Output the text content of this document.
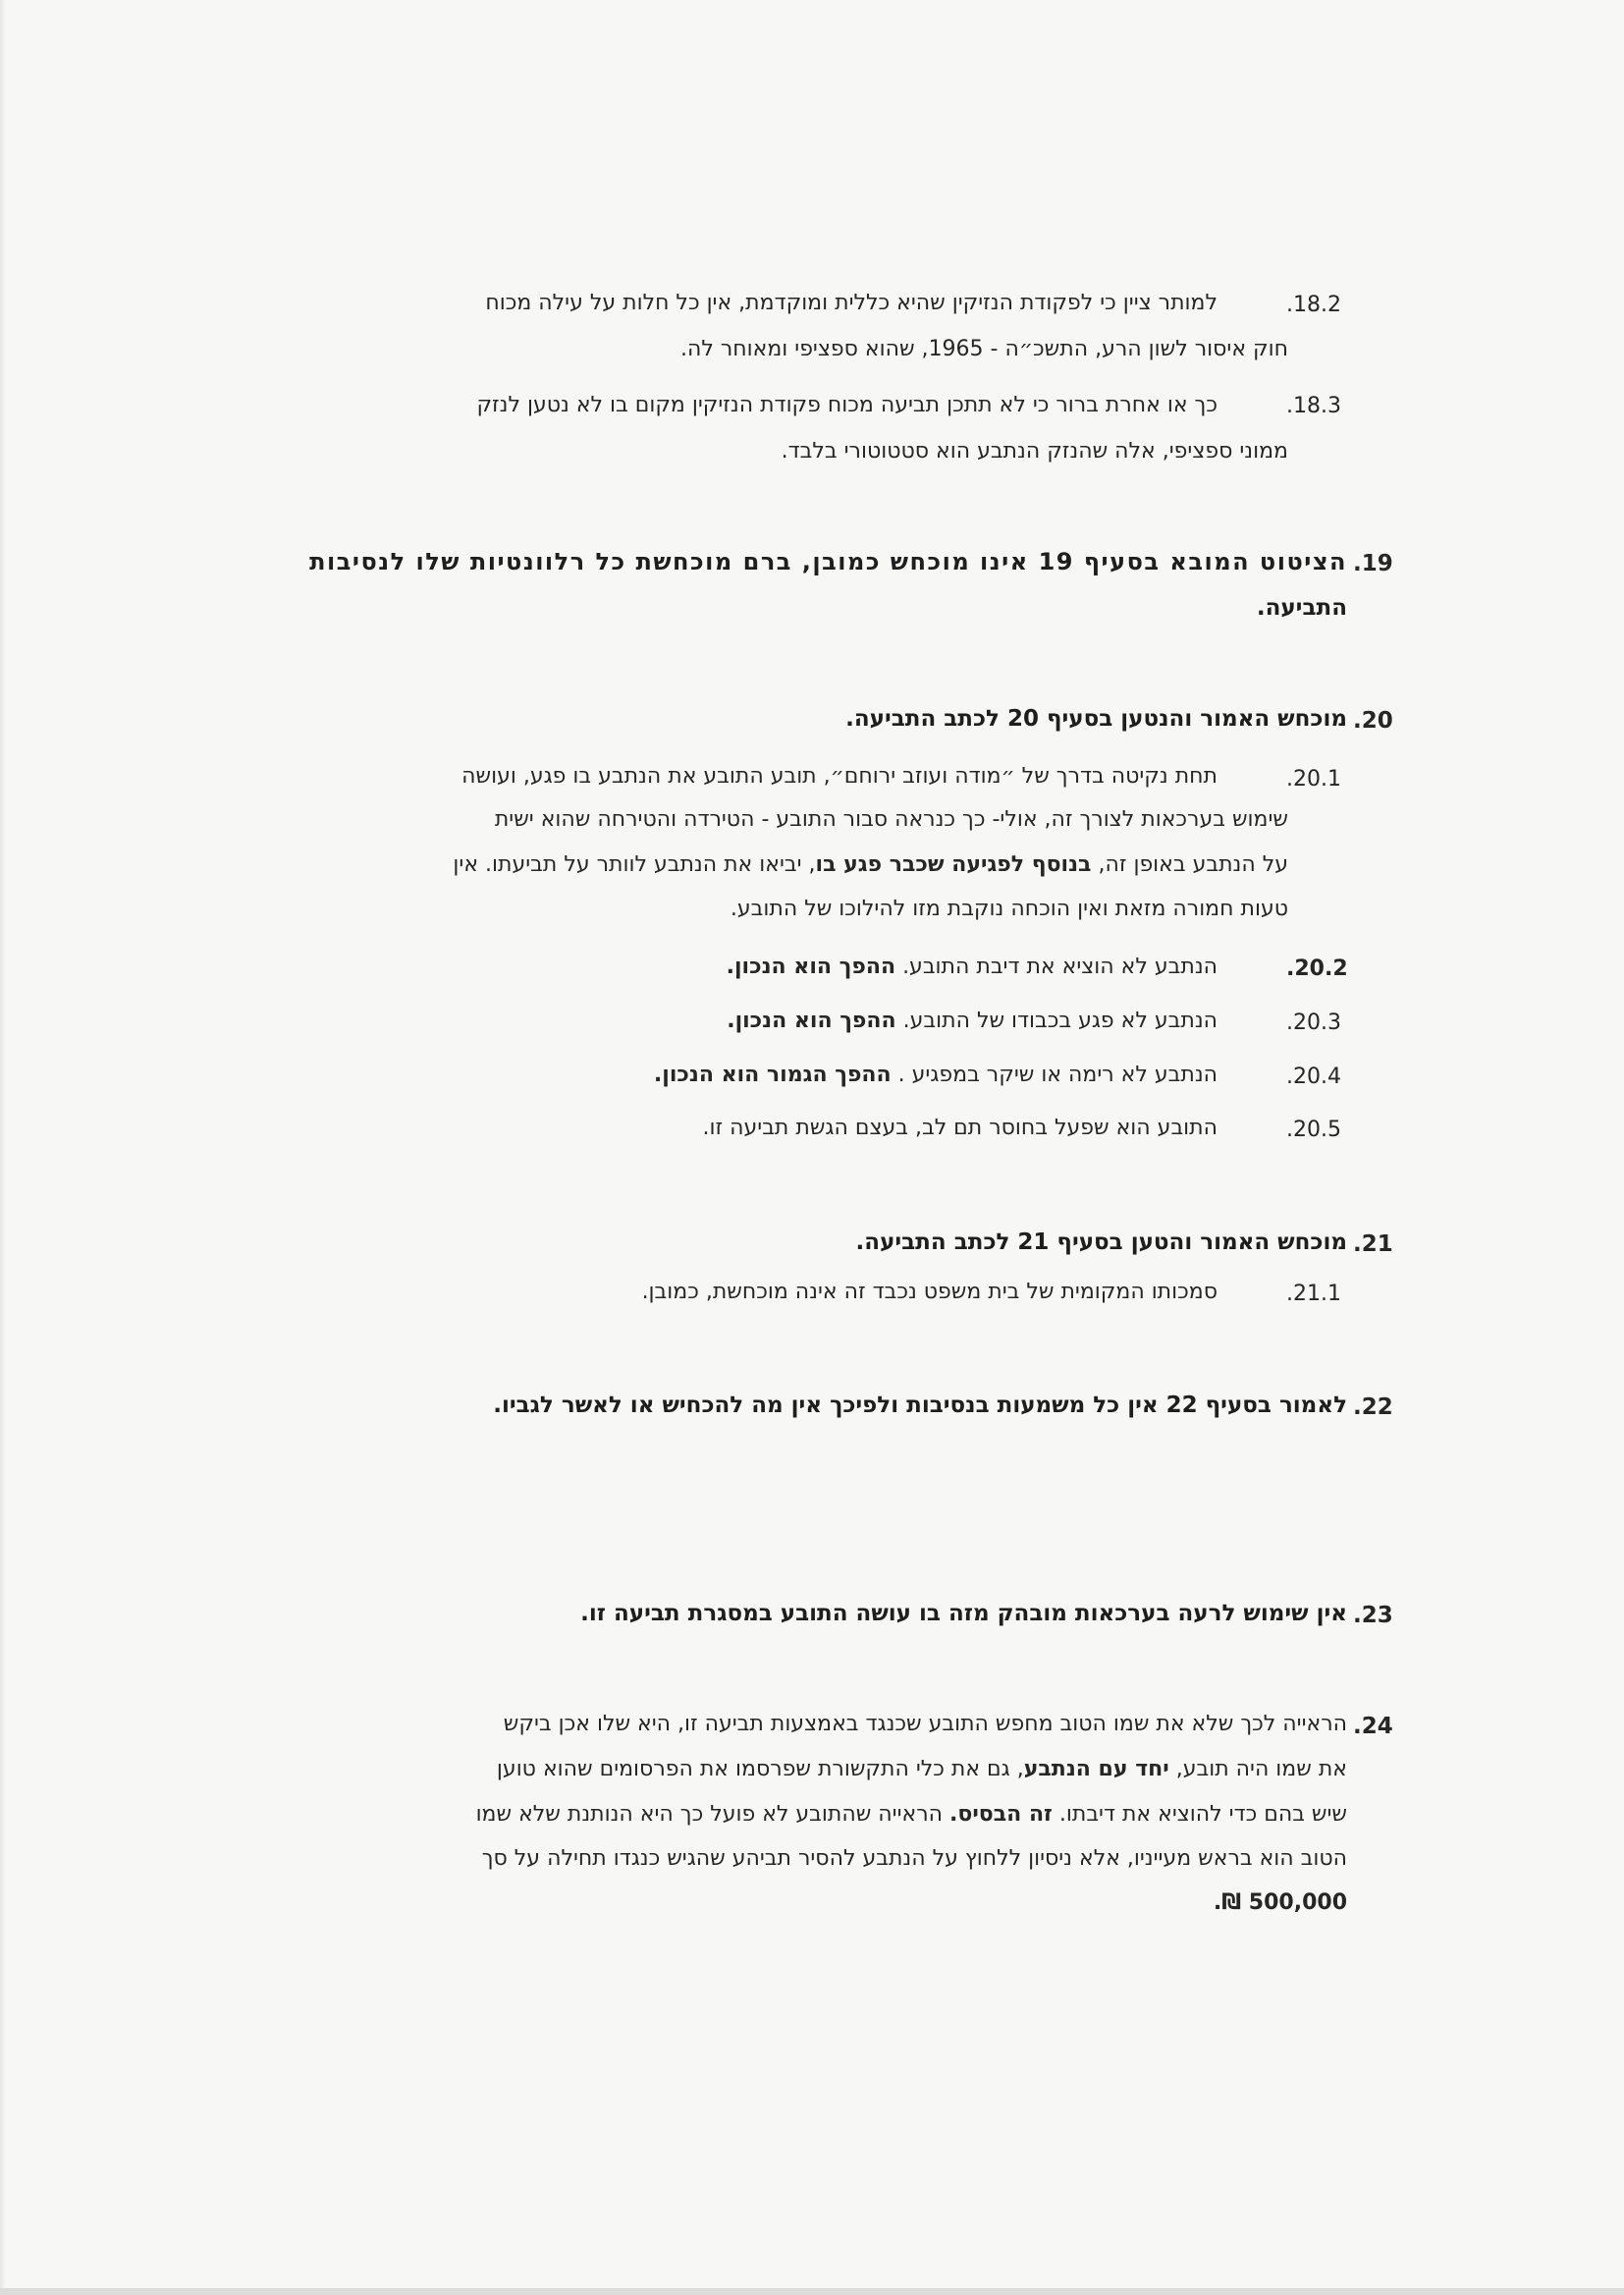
.18.2
למותר ציין כי לפקודת הנזיקין שהיא כללית ומוקדמת, אין כל חלות על עילה מכוח
חוק איסור לשון הרע, התשכ״ה - 1965, שהוא ספציפי ומאוחר לה.
.18.3
כך או אחרת ברור כי לא תתכן תביעה מכוח פקודת הנזיקין מקום בו לא נטען לנזק
ממוני ספציפי, אלה שהנזק הנתבע הוא סטטוטורי בלבד.
.19
הציטוט המובא בסעיף 19 אינו מוכחש כמובן, ברם מוכחשת כל רלוונטיות שלו לנסיבות
התביעה.
.20
מוכחש האמור והנטען בסעיף 20 לכתב התביעה.
.20.1
תחת נקיטה בדרך של ״מודה ועוזב ירוחם״, תובע התובע את הנתבע בו פגע, ועושה
שימוש בערכאות לצורך זה, אולי- כך כנראה סבור התובע - הטירדה והטירחה שהוא ישית
על הנתבע באופן זה, בנוסף לפגיעה שכבר פגע בו, יביאו את הנתבע לוותר על תביעתו. אין
טעות חמורה מזאת ואין הוכחה נוקבת מזו להילוכו של התובע.
.20.2
הנתבע לא הוציא את דיבת התובע. ההפך הוא הנכון.
.20.3
הנתבע לא פגע בכבודו של התובע. ההפך הוא הנכון.
.20.4
הנתבע לא רימה או שיקר במפגיע . ההפך הגמור הוא הנכון.
.20.5
התובע הוא שפעל בחוסר תם לב, בעצם הגשת תביעה זו.
.21
מוכחש האמור והטען בסעיף 21 לכתב התביעה.
.21.1
סמכותו המקומית של בית משפט נכבד זה אינה מוכחשת, כמובן.
.22
לאמור בסעיף 22 אין כל משמעות בנסיבות ולפיכך אין מה להכחיש או לאשר לגביו.
.23
אין שימוש לרעה בערכאות מובהק מזה בו עושה התובע במסגרת תביעה זו.
.24
הראייה לכך שלא את שמו הטוב מחפש התובע שכנגד באמצעות תביעה זו, היא שלו אכן ביקש
את שמו היה תובע, יחד עם הנתבע, גם את כלי התקשורת שפרסמו את הפרסומים שהוא טוען
שיש בהם כדי להוציא את דיבתו. זה הבסיס. הראייה שהתובע לא פועל כך היא הנותנת שלא שמו
הטוב הוא בראש מעייניו, אלא ניסיון ללחוץ על הנתבע להסיר תביהע שהגיש כנגדו תחילה על סך
500,000 ₪.
